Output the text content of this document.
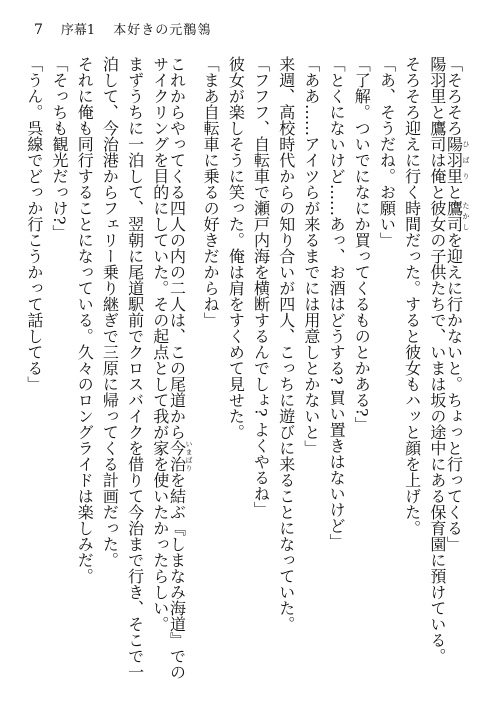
7 序幕1 本好きの元鶺鴒
「そろそろ陽羽里ひばりと鷹司たかしを迎えに行かないと。ちょっと行ってくる」
陽羽里と鷹司は俺と彼女の子供たちで、いまは坂の途中にある保育園に預けている。
そろそろ迎えに行く時間だった。すると彼女もハッと顔を上げた。
「あ、そうだね。お願い」
「了解。ついでになにか買ってくるものとかある?」
「とくにないけど……あっ、お酒はどうする? 買い置きはないけど」
「ああ……アイツらが来るまでには用意しとかないと」
来週、高校時代からの知り合いが四人、こっちに遊びに来ることになっていた。
「フフフ、自転車で瀬戸内海を横断するんでしょ? よくやるね」
彼女が楽しそうに笑った。俺は肩をすくめて見せた。
「まあ自転車に乗るの好きだからね」
これからやってくる四人の内の二人は、この尾道から今治いまばりを結ぶ『しまなみ海道』での
サイクリングを目的にしていた。その起点として我が家を使いたかったらしい。
まずうちに一泊して、翌朝に尾道駅前でクロスバイクを借りて今治まで行き、そこで一
泊して、今治港からフェリー乗り継ぎで三原に帰ってくる計画だった。
それに俺も同行することになっている。久々のロングライドは楽しみだ。
「そっちも観光だっけ?」
「うん。呉線でどっか行こうかって話してる」
